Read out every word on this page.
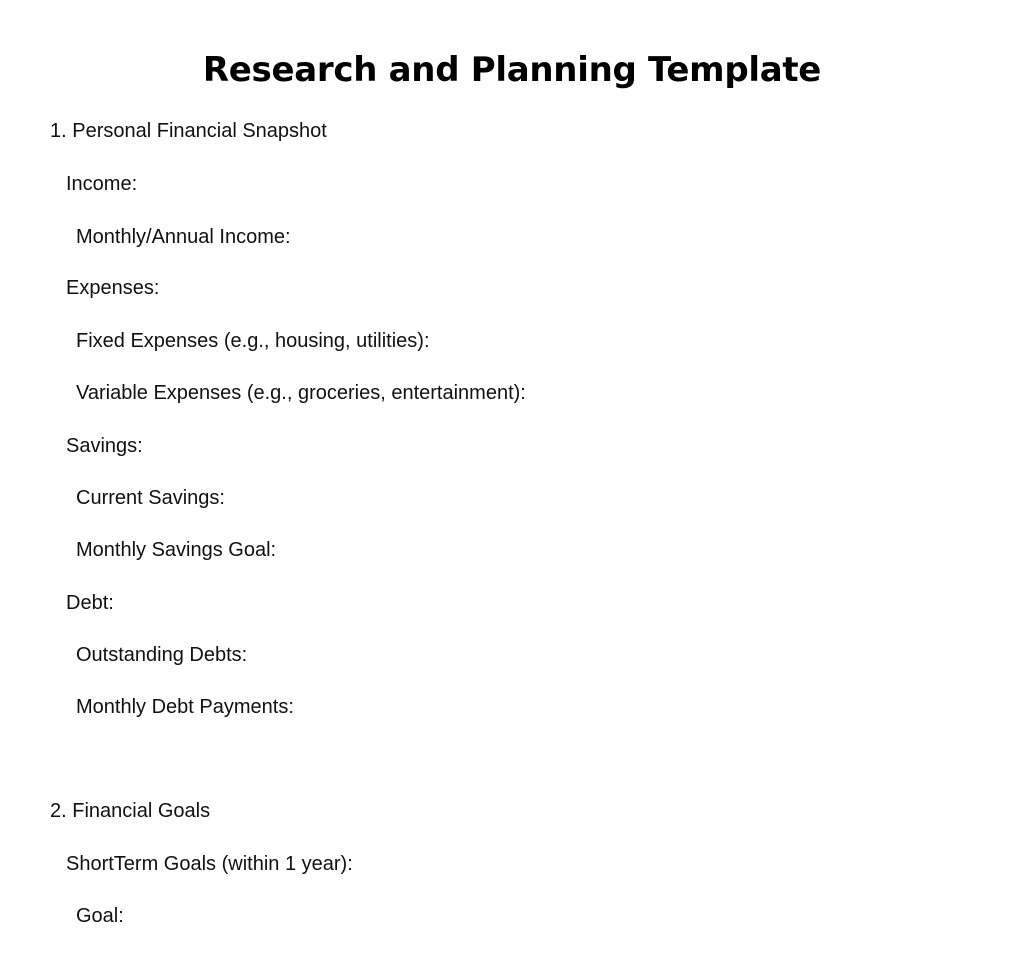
Research and Planning Template

1. Personal Financial Snapshot

Income:

Monthly/Annual Income:

Expenses:

Fixed Expenses (e.g., housing, utilities):

Variable Expenses (e.g., groceries, entertainment):

Savings:

Current Savings:

Monthly Savings Goal:

Debt:

Outstanding Debts:

Monthly Debt Payments:

2. Financial Goals

ShortTerm Goals (within 1 year):

Goal:
